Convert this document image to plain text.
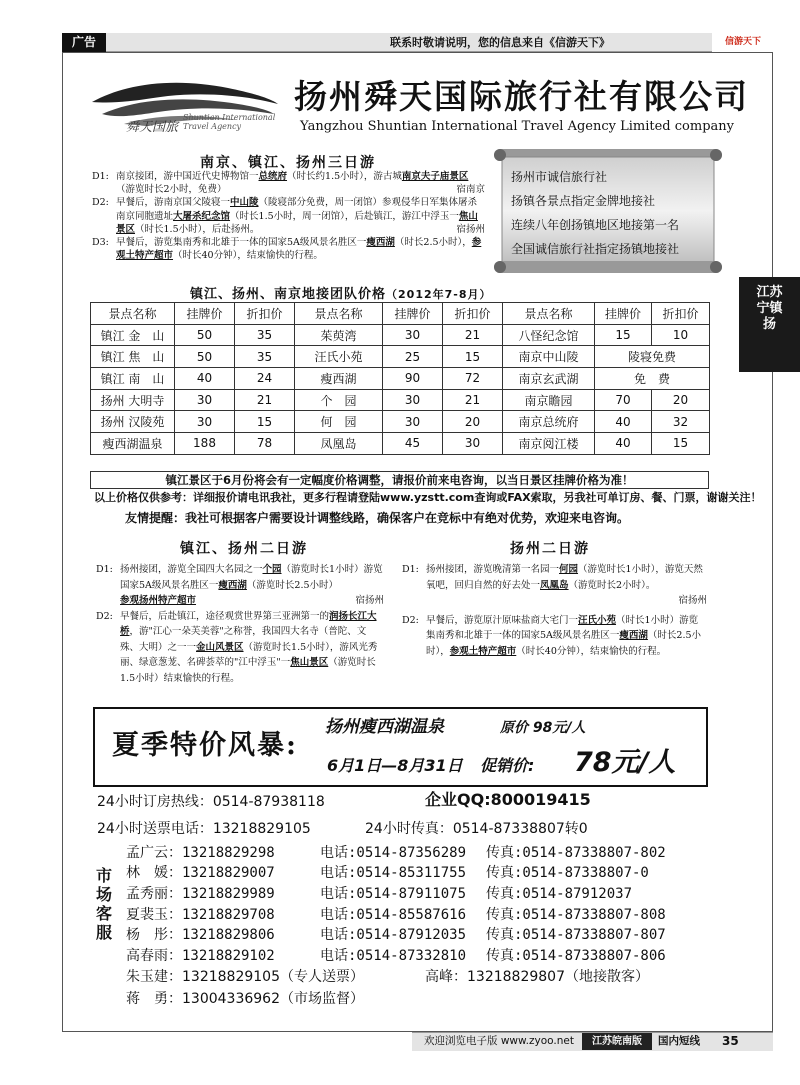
广告	联系时敬请说明，您的信息来自《信游天下》	信游天下
江苏宁镇扬
舜天国旅
Shuntian International
Travel Agency
扬州舜天国际旅行社有限公司
Yangzhou Shuntian International Travel Agency Limited company
南京、镇江、扬州三日游
D1: 南京接团，游中国近代史博物馆一总统府（时长约1.5小时），游古城南京夫子庙景区（游览时长2小时，免费）	宿南京
D2: 早餐后，游南京国父陵寝一中山陵（陵寝部分免费，周一闭馆）参观侵华日军集体屠杀南京同胞遗址大屠杀纪念馆（时长1.5小时，周一闭馆），后赴镇江，游江中浮玉一焦山景区（时长1.5小时），后赴扬州。	宿扬州
D3: 早餐后，游览集南秀和北雄于一体的国家5A级风景名胜区一瘦西湖（时长2.5小时），参观土特产超市（时长40分钟），结束愉快的行程。
扬州市诚信旅行社
扬镇各景点指定金牌地接社
连续八年创扬镇地区地接第一名
全国诚信旅行社指定扬镇地接社
镇江、扬州、南京地接团队价格（2012年7-8月）
景点名称	挂牌价	折扣价	景点名称	挂牌价	折扣价	景点名称	挂牌价	折扣价
镇江 金　山	50	35	茱萸湾	30	21	八怪纪念馆	15	10
镇江 焦　山	50	35	汪氏小苑	25	15	南京中山陵	陵寝免费	
镇江 南　山	40	24	瘦西湖	90	72	南京玄武湖	免　费	
扬州 大明寺	30	21	个　园	30	21	南京瞻园	70	20
扬州 汉陵苑	30	15	何　园	30	20	南京总统府	40	32
瘦西湖温泉	188	78	凤凰岛	45	30	南京阅江楼	40	15
镇江景区于6月份将会有一定幅度价格调整，请报价前来电咨询，以当日景区挂牌价格为准！
以上价格仅供参考：详细报价请电讯我社，更多行程请登陆www.yzstt.com查询或FAX索取，另我社可单订房、餐、门票，谢谢关注！
友情提醒：我社可根据客户需要设计调整线路，确保客户在竞标中有绝对优势，欢迎来电咨询。
镇江、扬州二日游	扬州二日游
D1: 扬州接团，游览全国四大名园之一个园（游览时长1小时）游览国家5A级风景名胜区一瘦西湖（游览时长2.5小时）
参观扬州特产超市	宿扬州
D2: 早餐后，后赴镇江，途径观赏世界第三亚洲第一的润扬长江大桥，游"江心一朵芙美蓉"之称誉，我国四大名寺（普陀、文殊、大明）之一一金山风景区（游览时长1.5小时），游风光秀丽、绿意葱茏、名碑荟萃的"江中浮玉"一焦山景区（游览时长1.5小时）结束愉快的行程。
D1: 扬州接团，游览晚清第一名园一何园（游览时长1小时），游览天然氧吧，回归自然的好去处一凤凰岛（游览时长2小时）。

宿扬州
D2: 早餐后，游览原汁原味盐商大宅门一汪氏小苑（时长1小时）游览集南秀和北雄于一体的国家5A级风景名胜区一瘦西湖（时长2.5小时），参观土特产超市（时长40分钟），结束愉快的行程。
夏季特价风暴:
扬州瘦西湖温泉	原价 98元/人
6月1日—8月31日 促销价: 78元/人
24小时订房热线：0514-87938118	企业QQ:800019415
24小时送票电话：13218829105	24小时传真：0514-87338807转0
市场客服
孟广云：13218829298	电话:0514-87356289 传真:0514-87338807-802
林　媛：13218829007	电话:0514-85311755 传真:0514-87338807-0
孟秀丽：13218829989	电话:0514-87911075 传真:0514-87912037
夏裴玉：13218829708	电话:0514-85587616 传真:0514-87338807-808
杨　彤：13218829806	电话:0514-87912035 传真:0514-87338807-807
高春雨：13218829102	电话:0514-87332810 传真:0514-87338807-806
朱玉建：13218829105（专人送票）	高峰：13218829807（地接散客）
蒋　勇：13004336962（市场监督）
欢迎浏览电子版 www.zyoo.net	江苏皖南版	国内短线 35
